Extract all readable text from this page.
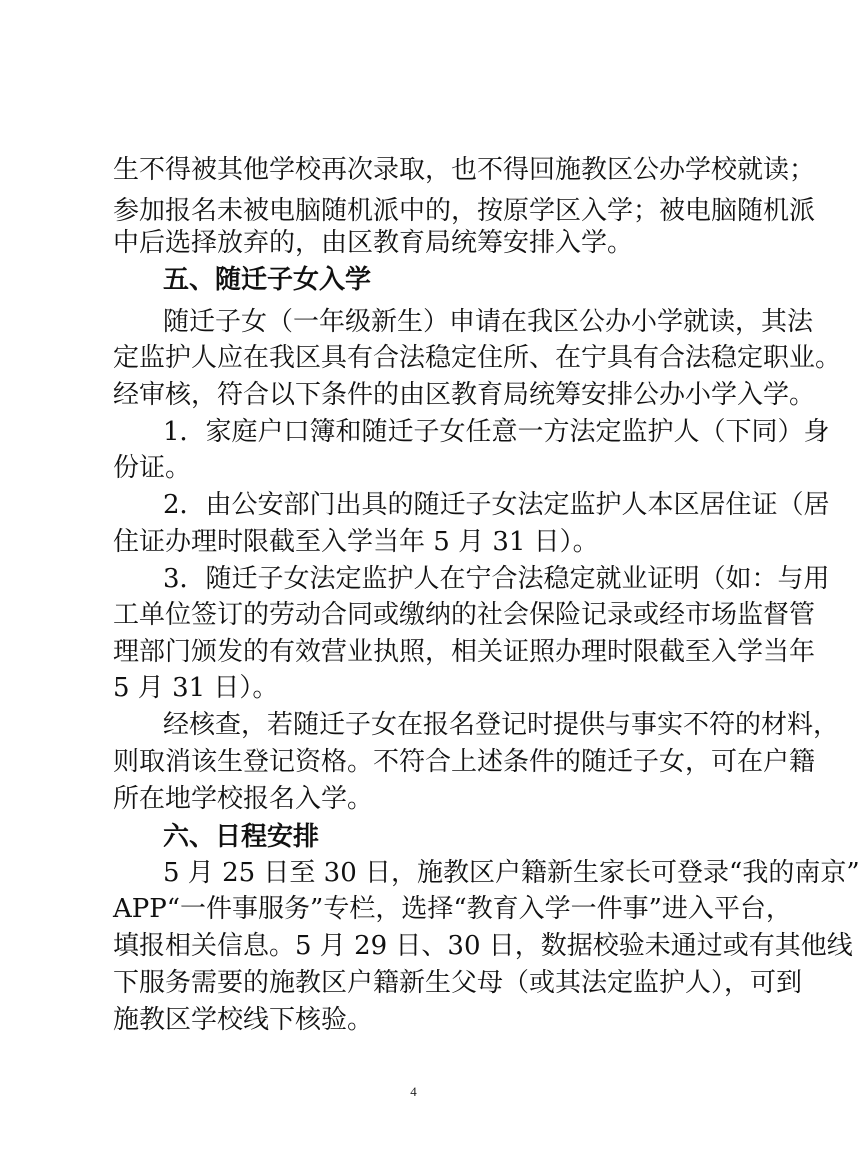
生不得被其他学校再次录取，也不得回施教区公办学校就读；
参加报名未被电脑随机派中的，按原学区入学；被电脑随机派
中后选择放弃的，由区教育局统筹安排入学。
五、随迁子女入学
随迁子女（一年级新生）申请在我区公办小学就读，其法
定监护人应在我区具有合法稳定住所、在宁具有合法稳定职业。
经审核，符合以下条件的由区教育局统筹安排公办小学入学。
1．家庭户口簿和随迁子女任意一方法定监护人（下同）身
份证。
2．由公安部门出具的随迁子女法定监护人本区居住证（居
住证办理时限截至入学当年 5 月 31 日）。
3．随迁子女法定监护人在宁合法稳定就业证明（如：与用
工单位签订的劳动合同或缴纳的社会保险记录或经市场监督管
理部门颁发的有效营业执照，相关证照办理时限截至入学当年
5 月 31 日）。
经核查，若随迁子女在报名登记时提供与事实不符的材料，
则取消该生登记资格。不符合上述条件的随迁子女，可在户籍
所在地学校报名入学。
六、日程安排
5 月 25 日至 30 日，施教区户籍新生家长可登录“我的南京”
APP“一件事服务”专栏，选择“教育入学一件事”进入平台，
填报相关信息。5 月 29 日、30 日，数据校验未通过或有其他线
下服务需要的施教区户籍新生父母（或其法定监护人），可到
施教区学校线下核验。
4
